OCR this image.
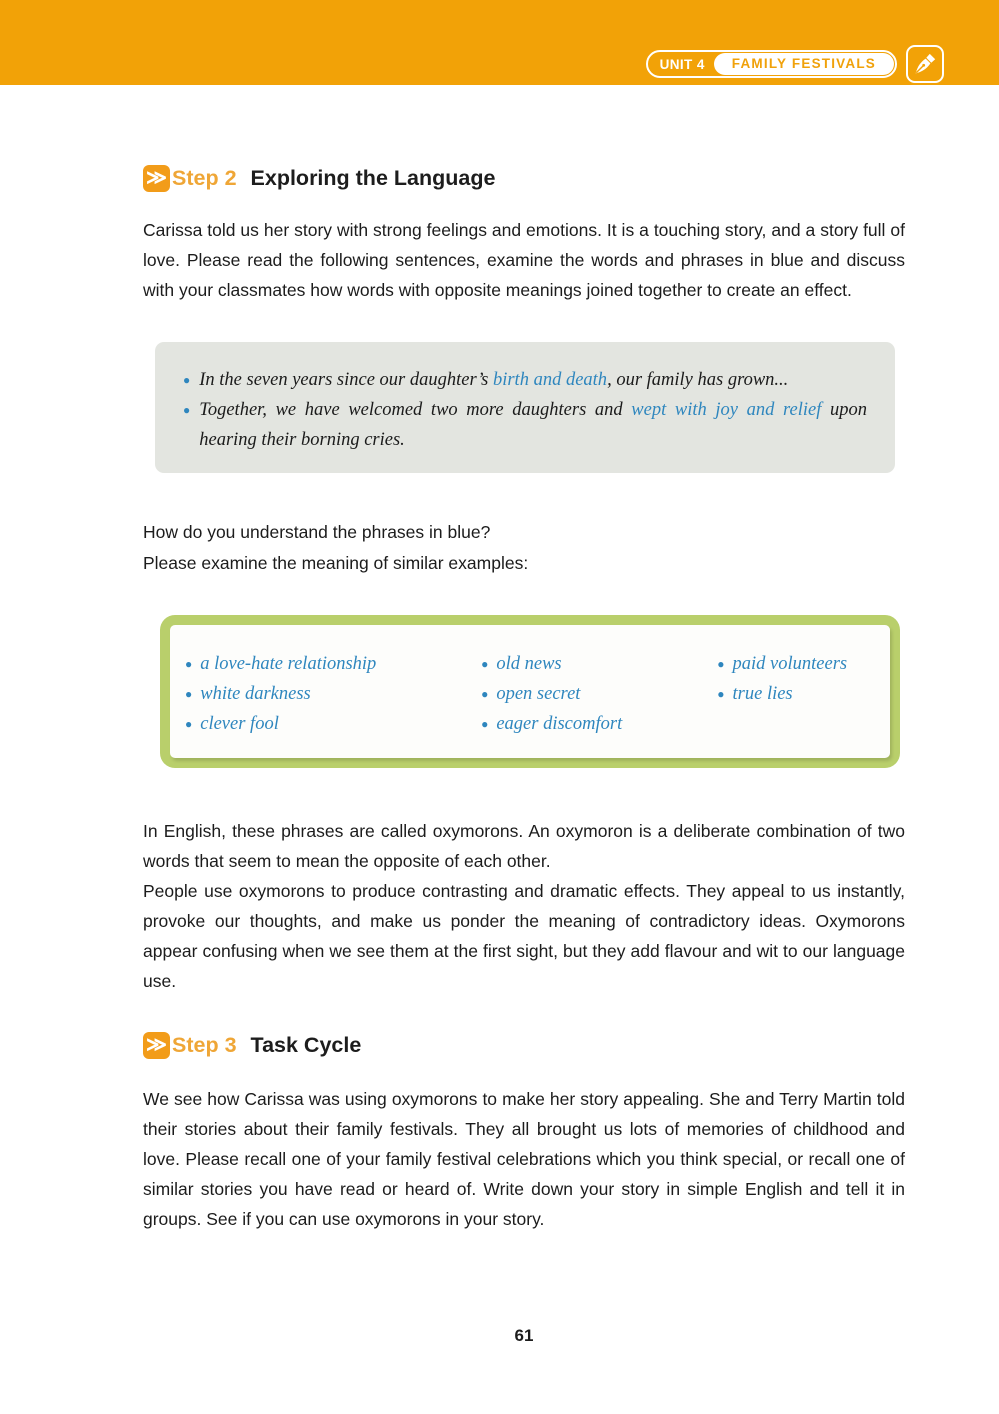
UNIT 4	FAMILY FESTIVALS
≫ Step 2 Exploring the Language

Carissa told us her story with strong feelings and emotions. It is a touching story, and a story full of love. Please read the following sentences, examine the words and phrases in blue and discuss with your classmates how words with opposite meanings joined together to create an effect.

● In the seven years since our daughter’s birth and death, our family has grown...

● Together, we have welcomed two more daughters and wept with joy and relief upon hearing their borning cries.

How do you understand the phrases in blue?

Please examine the meaning of similar examples:

● a love-hate relationship
● white darkness
● clever fool
● old news
● open secret
● eager discomfort
● paid volunteers
● true lies

In English, these phrases are called oxymorons. An oxymoron is a deliberate combination of two words that seem to mean the opposite of each other.

People use oxymorons to produce contrasting and dramatic effects. They appeal to us instantly, provoke our thoughts, and make us ponder the meaning of contradictory ideas. Oxymorons appear confusing when we see them at the first sight, but they add flavour and wit to our language use.

≫ Step 3 Task Cycle

We see how Carissa was using oxymorons to make her story appealing. She and Terry Martin told their stories about their family festivals. They all brought us lots of memories of childhood and love. Please recall one of your family festival celebrations which you think special, or recall one of similar stories you have read or heard of. Write down your story in simple English and tell it in groups. See if you can use oxymorons in your story.

61
